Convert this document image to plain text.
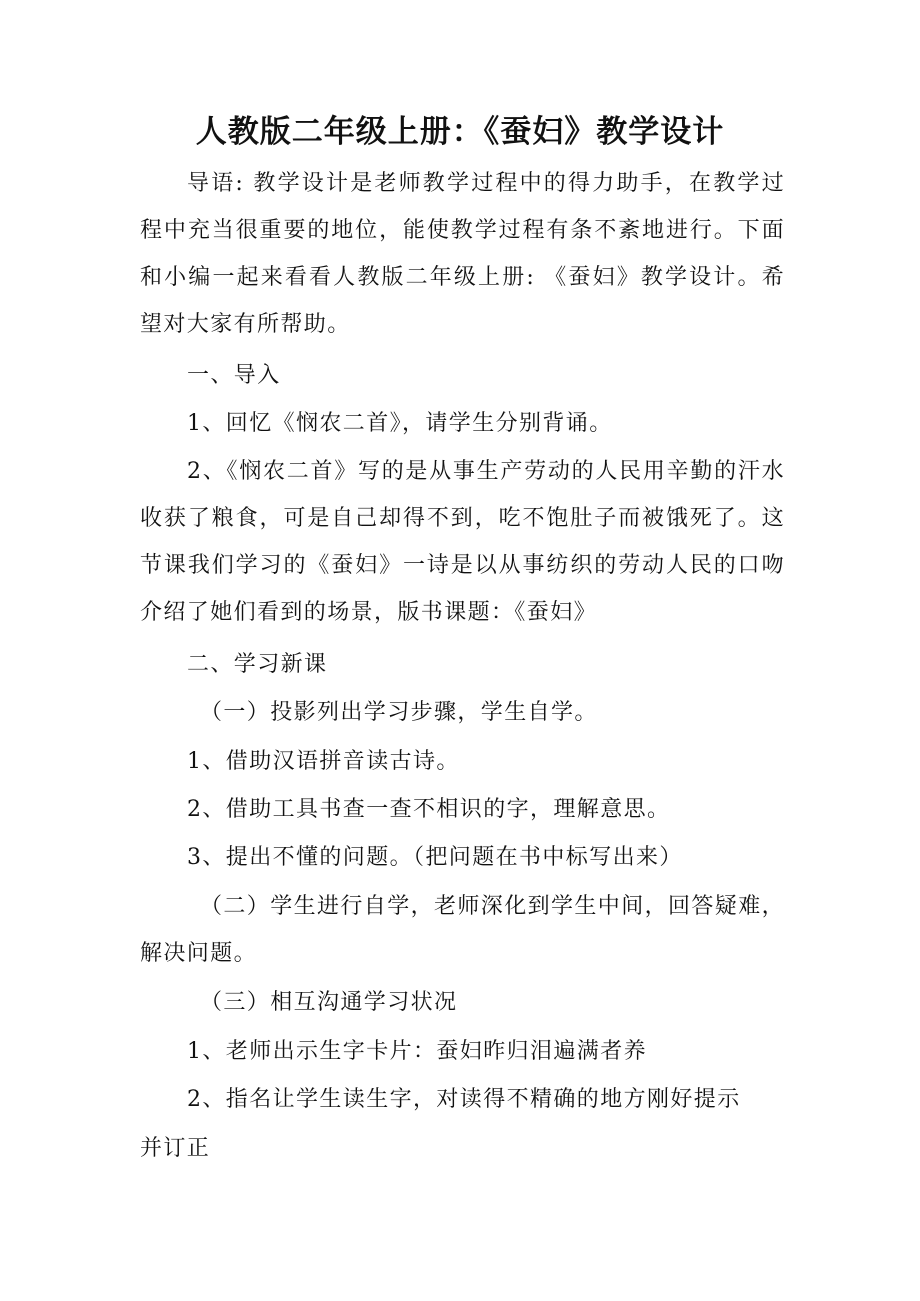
人教版二年级上册：《蚕妇》教学设计

导语: 教学设计是老师教学过程中的得力助手，在教学过程中充当很重要的地位，能使教学过程有条不紊地进行。下面和小编一起来看看人教版二年级上册: 《蚕妇》教学设计。希望对大家有所帮助。

一、导入

1、回忆《悯农二首》，请学生分别背诵。

2、《悯农二首》写的是从事生产劳动的人民用辛勤的汗水收获了粮食，可是自己却得不到，吃不饱肚子而被饿死了。这节课我们学习的《蚕妇》一诗是以从事纺织的劳动人民的口吻介绍了她们看到的场景，版书课题：《蚕妇》

二、学习新课

（一）投影列出学习步骤，学生自学。

1、借助汉语拼音读古诗。

2、借助工具书查一查不相识的字，理解意思。

3、提出不懂的问题。（把问题在书中标写出来）

（二）学生进行自学，老师深化到学生中间，回答疑难，解决问题。

（三）相互沟通学习状况

1、老师出示生字卡片：蚕妇昨归泪遍满者养

2、指名让学生读生字，对读得不精确的地方刚好提示

并订正
